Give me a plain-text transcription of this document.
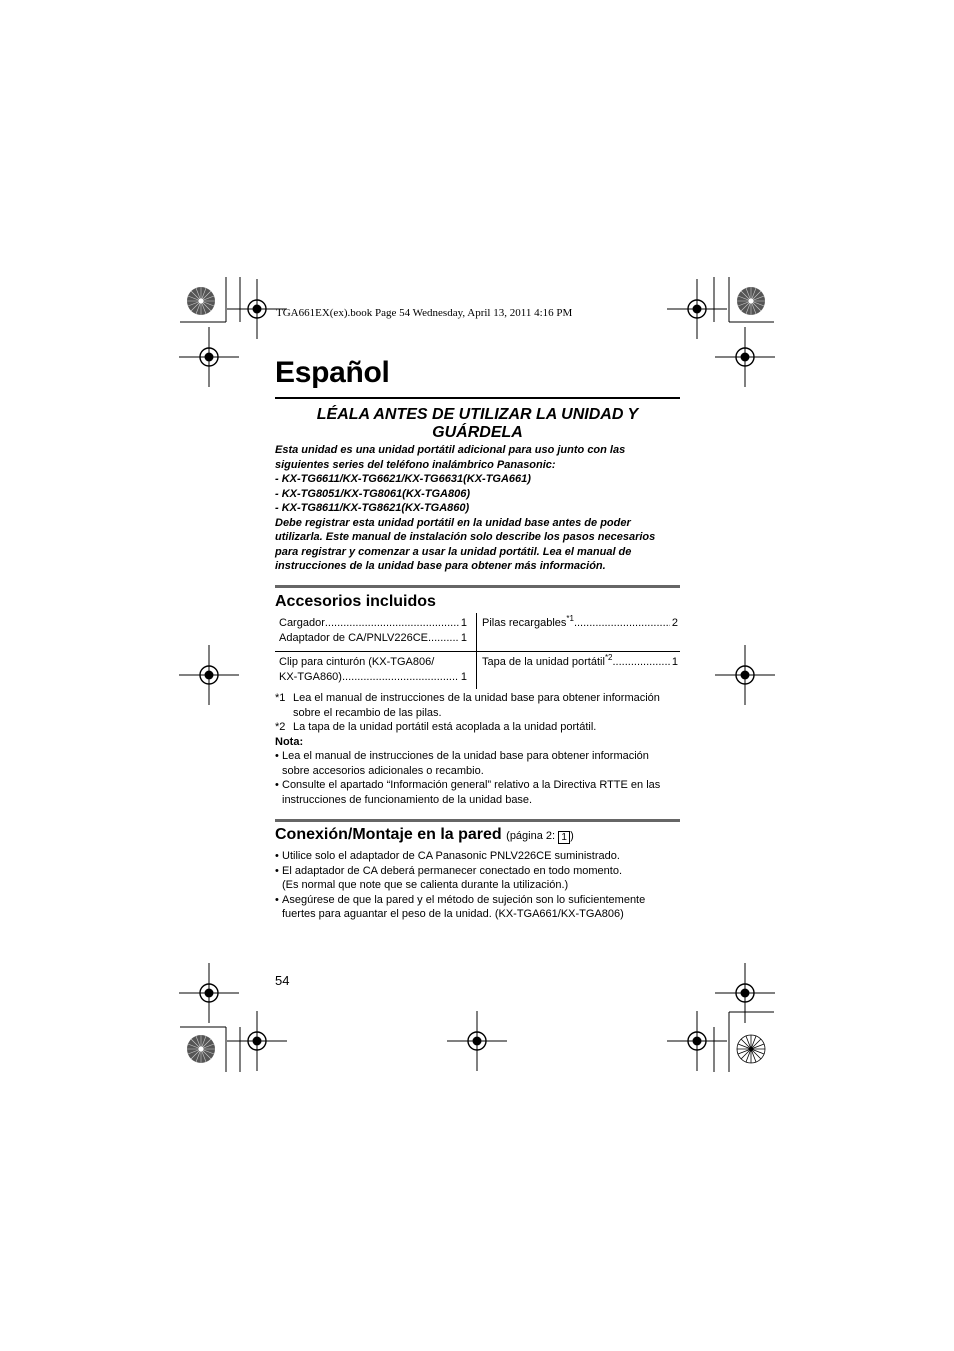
TGA661EX(ex).book Page 54 Wednesday, April 13, 2011 4:16 PM
Español
LÉALA ANTES DE UTILIZAR LA UNIDAD Y
GUÁRDELA
Esta unidad es una unidad portátil adicional para uso junto con las
siguientes series del teléfono inalámbrico Panasonic:
- KX-TG6611/KX-TG6621/KX-TG6631(KX-TGA661)
- KX-TG8051/KX-TG8061(KX-TGA806)
- KX-TG8611/KX-TG8621(KX-TGA860)
Debe registrar esta unidad portátil en la unidad base antes de poder
utilizarla. Este manual de instalación solo describe los pasos necesarios
para registrar y comenzar a usar la unidad portátil. Lea el manual de
instrucciones de la unidad base para obtener más información.
Accesorios incluidos
Cargador .....	1
Adaptador de CA/PNLV226CE .....	1
Pilas recargables$^{*1}$ .....	2
Clip para cinturón (KX-TGA806/
KX-TGA860) .....	1
Tapa de la unidad portátil$^{*2}$ .....	1
*1 Lea el manual de instrucciones de la unidad base para obtener información
sobre el recambio de las pilas.
*2 La tapa de la unidad portátil está acoplada a la unidad portátil.
Nota:
• Lea el manual de instrucciones de la unidad base para obtener información
sobre accesorios adicionales o recambio.
• Consulte el apartado “Información general” relativo a la Directiva RTTE en las
instrucciones de funcionamiento de la unidad base.
Conexión/Montaje en la pared (página 2: 1 )
• Utilice solo el adaptador de CA Panasonic PNLV226CE suministrado.
• El adaptador de CA deberá permanecer conectado en todo momento.
(Es normal que note que se calienta durante la utilización.)
• Asegúrese de que la pared y el método de sujeción son lo suficientemente
fuertes para aguantar el peso de la unidad. (KX-TGA661/KX-TGA806)
54
